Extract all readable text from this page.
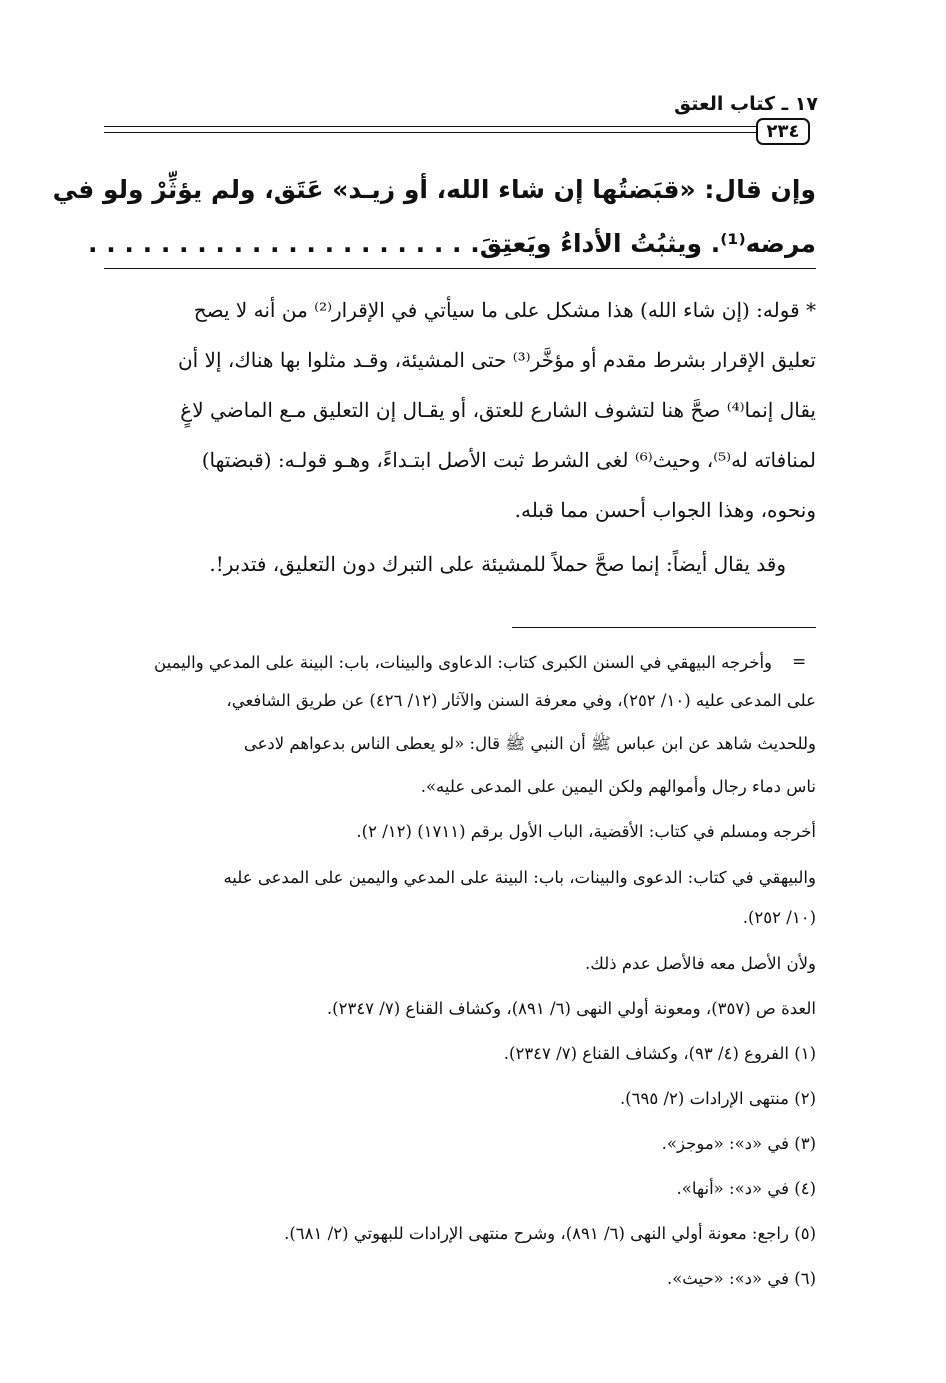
١٧ ـ كتاب العتق
٢٣٤
وإن قال: «قبَضتُها إن شاء الله، أو زيـد» عَتَق، ولم يؤثِّرْ ولو في
مرضه⁽¹⁾. ويثبُتُ الأداءُ ويَعتِقَ. . . . . . . . . . . . . . . . . . . . . .
* قوله: (إن شاء الله) هذا مشكل على ما سيأتي في الإقرار⁽²⁾ من أنه لا يصح
تعليق الإقرار بشرط مقدم أو مؤخَّر⁽³⁾ حتى المشيئة، وقـد مثلوا بها هناك، إلا أن
يقال إنما⁽⁴⁾ صحَّ هنا لتشوف الشارع للعتق، أو يقـال إن التعليق مـع الماضي لاغٍ
لمنافاته له⁽⁵⁾، وحيث⁽⁶⁾ لغى الشرط ثبت الأصل ابتـداءً، وهـو قولـه: (قبضتها)
ونحوه، وهذا الجواب أحسن مما قبله.
وقد يقال أيضاً: إنما صحَّ حملاً للمشيئة على التبرك دون التعليق، فتدبر!.
=
وأخرجه البيهقي في السنن الكبرى كتاب: الدعاوى والبينات، باب: البينة على المدعي واليمين
على المدعى عليه (١٠/ ٢٥٢)، وفي معرفة السنن والآثار (١٢/ ٤٢٦) عن طريق الشافعي،
وللحديث شاهد عن ابن عباس ﷺ أن النبي ﷺ قال: «لو يعطى الناس بدعواهم لادعى
ناس دماء رجال وأموالهم ولكن اليمين على المدعى عليه».
أخرجه ومسلم في كتاب: الأقضية، الباب الأول برقم (١٧١١) (١٢/ ٢).
والبيهقي في كتاب: الدعوى والبينات، باب: البينة على المدعي واليمين على المدعى عليه
(١٠/ ٢٥٢).
ولأن الأصل معه فالأصل عدم ذلك.
العدة ص (٣٥٧)، ومعونة أولي النهى (٦/ ٨٩١)، وكشاف القناع (٧/ ٢٣٤٧).
(١) الفروع (٤/ ٩٣)، وكشاف القناع (٧/ ٢٣٤٧).
(٢) منتهى الإرادات (٢/ ٦٩٥).
(٣) في «د»: «موجز».
(٤) في «د»: «أنها».
(٥) راجع: معونة أولي النهى (٦/ ٨٩١)، وشرح منتهى الإرادات للبهوتي (٢/ ٦٨١).
(٦) في «د»: «حيث».
